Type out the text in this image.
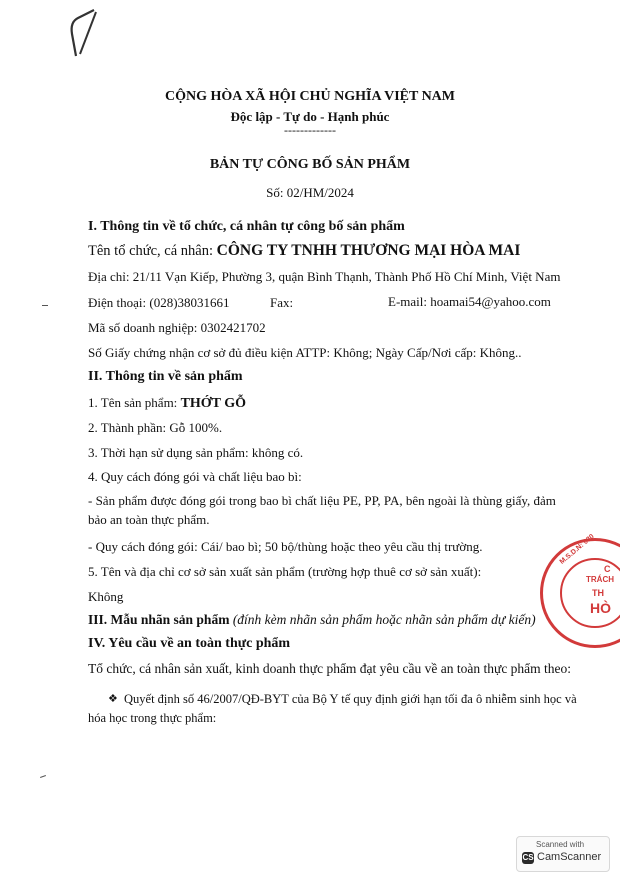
CỘNG HÒA XÃ HỘI CHỦ NGHĨA VIỆT NAM
Độc lập - Tự do - Hạnh phúc
-------------
BẢN TỰ CÔNG BỐ SẢN PHẨM
Số: 02/HM/2024
I. Thông tin về tổ chức, cá nhân tự công bố sản phẩm
Tên tổ chức, cá nhân: CÔNG TY TNHH THƯƠNG MẠI HÒA MAI
Địa chỉ: 21/11 Vạn Kiếp, Phường 3, quận Bình Thạnh, Thành Phố Hồ Chí Minh, Việt Nam
Điện thoại: (028)38031661	Fax:	E-mail: hoamai54@yahoo.com
Mã số doanh nghiệp: 0302421702
Số Giấy chứng nhận cơ sở đủ điều kiện ATTP: Không; Ngày Cấp/Nơi cấp: Không..
II. Thông tin về sản phẩm
1. Tên sản phẩm: THỚT GỖ
2. Thành phần: Gỗ 100%.
3. Thời hạn sử dụng sản phẩm: không có.
4. Quy cách đóng gói và chất liệu bao bì:
- Sản phẩm được đóng gói trong bao bì chất liệu PE, PP, PA, bên ngoài là thùng giấy, đảm
bảo an toàn thực phẩm.
- Quy cách đóng gói: Cái/ bao bì; 50 bộ/thùng hoặc theo yêu cầu thị trường.
5. Tên và địa chỉ cơ sở sản xuất sản phẩm (trường hợp thuê cơ sở sản xuất):
Không
III. Mẫu nhãn sản phẩm (đính kèm nhãn sản phẩm hoặc nhãn sản phẩm dự kiến)
IV. Yêu cầu về an toàn thực phẩm
Tổ chức, cá nhân sản xuất, kinh doanh thực phẩm đạt yêu cầu về an toàn thực phẩm theo:
❖ Quyết định số 46/2007/QĐ-BYT của Bộ Y tế quy định giới hạn tối đa ô nhiễm sinh học và
hóa học trong thực phẩm:
M.S.D.N: 030
C
TRÁCH
TH
HÒ
Scanned with
CS CamScanner
